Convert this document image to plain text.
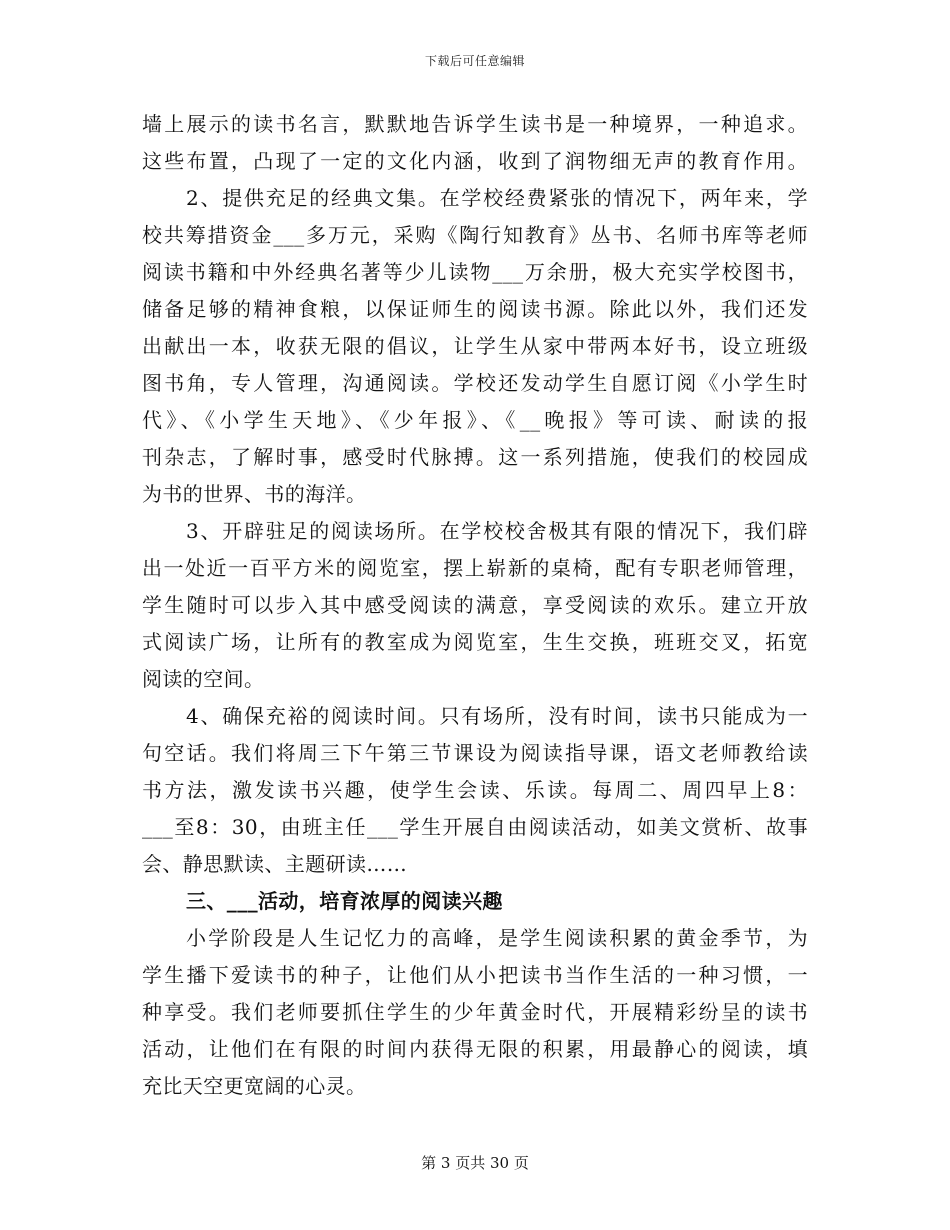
下载后可任意编辑
墙上展示的读书名言，默默地告诉学生读书是一种境界，一种追求。
这些布置，凸现了一定的文化内涵，收到了润物细无声的教育作用。
2、提供充足的经典文集。在学校经费紧张的情况下，两年来，学
校共筹措资金___多万元，采购《陶行知教育》丛书、名师书库等老师
阅读书籍和中外经典名著等少儿读物___万余册，极大充实学校图书，
储备足够的精神食粮，以保证师生的阅读书源。除此以外，我们还发
出献出一本，收获无限的倡议，让学生从家中带两本好书，设立班级
图书角，专人管理，沟通阅读。学校还发动学生自愿订阅《小学生时
代》、《小学生天地》、《少年报》、《__晚报》等可读、耐读的报
刊杂志，了解时事，感受时代脉搏。这一系列措施，使我们的校园成
为书的世界、书的海洋。
3、开辟驻足的阅读场所。在学校校舍极其有限的情况下，我们辟
出一处近一百平方米的阅览室，摆上崭新的桌椅，配有专职老师管理，
学生随时可以步入其中感受阅读的满意，享受阅读的欢乐。建立开放
式阅读广场，让所有的教室成为阅览室，生生交换，班班交叉，拓宽
阅读的空间。
4、确保充裕的阅读时间。只有场所，没有时间，读书只能成为一
句空话。我们将周三下午第三节课设为阅读指导课，语文老师教给读
书方法，激发读书兴趣，使学生会读、乐读。每周二、周四早上8：
___至8：30，由班主任___学生开展自由阅读活动，如美文赏析、故事
会、静思默读、主题研读……
三、___活动，培育浓厚的阅读兴趣
小学阶段是人生记忆力的高峰，是学生阅读积累的黄金季节，为
学生播下爱读书的种子，让他们从小把读书当作生活的一种习惯，一
种享受。我们老师要抓住学生的少年黄金时代，开展精彩纷呈的读书
活动，让他们在有限的时间内获得无限的积累，用最静心的阅读，填
充比天空更宽阔的心灵。
第 3 页共 30 页
